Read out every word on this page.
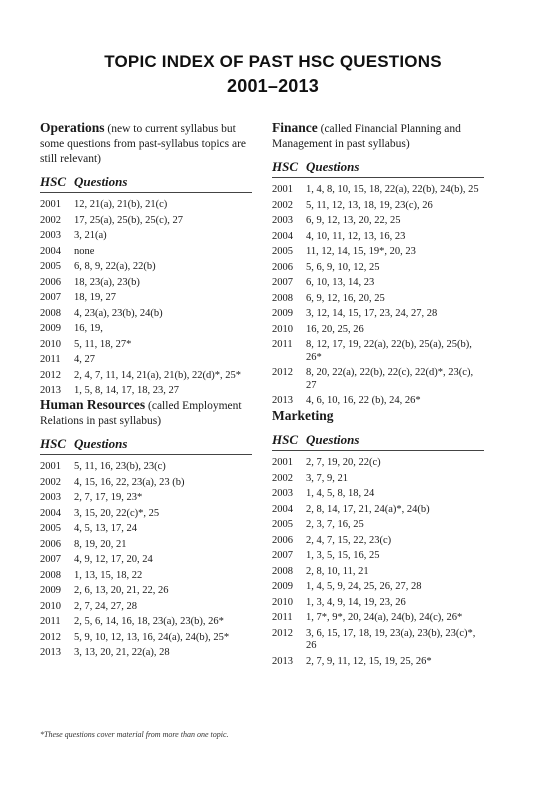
TOPIC INDEX OF PAST HSC QUESTIONS
2001–2013
Operations (new to current syllabus but some questions from past-syllabus topics are still relevant)
HSC Questions
2001	12, 21(a), 21(b), 21(c)
2002	17, 25(a), 25(b), 25(c), 27
2003	3, 21(a)
2004	none
2005	6, 8, 9, 22(a), 22(b)
2006	18, 23(a), 23(b)
2007	18, 19, 27
2008	4, 23(a), 23(b), 24(b)
2009	16, 19,
2010	5, 11, 18, 27*
2011	4, 27
2012	2, 4, 7, 11, 14, 21(a), 21(b), 22(d)*, 25*
2013	1, 5, 8, 14, 17, 18, 23, 27
Human Resources (called Employment Relations in past syllabus)
HSC Questions
2001	5, 11, 16, 23(b), 23(c)
2002	4, 15, 16, 22, 23(a), 23 (b)
2003	2, 7, 17, 19, 23*
2004	3, 15, 20, 22(c)*, 25
2005	4, 5, 13, 17, 24
2006	8, 19, 20, 21
2007	4, 9, 12, 17, 20, 24
2008	1, 13, 15, 18, 22
2009	2, 6, 13, 20, 21, 22, 26
2010	2, 7, 24, 27, 28
2011	2, 5, 6, 14, 16, 18, 23(a), 23(b), 26*
2012	5, 9, 10, 12, 13, 16, 24(a), 24(b), 25*
2013	3, 13, 20, 21, 22(a), 28
Finance (called Financial Planning and Management in past syllabus)
HSC Questions
2001	1, 4, 8, 10, 15, 18, 22(a), 22(b), 24(b), 25
2002	5, 11, 12, 13, 18, 19, 23(c), 26
2003	6, 9, 12, 13, 20, 22, 25
2004	4, 10, 11, 12, 13, 16, 23
2005	11, 12, 14, 15, 19*, 20, 23
2006	5, 6, 9, 10, 12, 25
2007	6, 10, 13, 14, 23
2008	6, 9, 12, 16, 20, 25
2009	3, 12, 14, 15, 17, 23, 24, 27, 28
2010	16, 20, 25, 26
2011	8, 12, 17, 19, 22(a), 22(b), 25(a), 25(b), 26*
2012	8, 20, 22(a), 22(b), 22(c), 22(d)*, 23(c), 27
2013	4, 6, 10, 16, 22 (b), 24, 26*
Marketing
HSC Questions
2001	2, 7, 19, 20, 22(c)
2002	3, 7, 9, 21
2003	1, 4, 5, 8, 18, 24
2004	2, 8, 14, 17, 21, 24(a)*, 24(b)
2005	2, 3, 7, 16, 25
2006	2, 4, 7, 15, 22, 23(c)
2007	1, 3, 5, 15, 16, 25
2008	2, 8, 10, 11, 21
2009	1, 4, 5, 9, 24, 25, 26, 27, 28
2010	1, 3, 4, 9, 14, 19, 23, 26
2011	1, 7*, 9*, 20, 24(a), 24(b), 24(c), 26*
2012	3, 6, 15, 17, 18, 19, 23(a), 23(b), 23(c)*, 26
2013	2, 7, 9, 11, 12, 15, 19, 25, 26*
*These questions cover material from more than one topic.
